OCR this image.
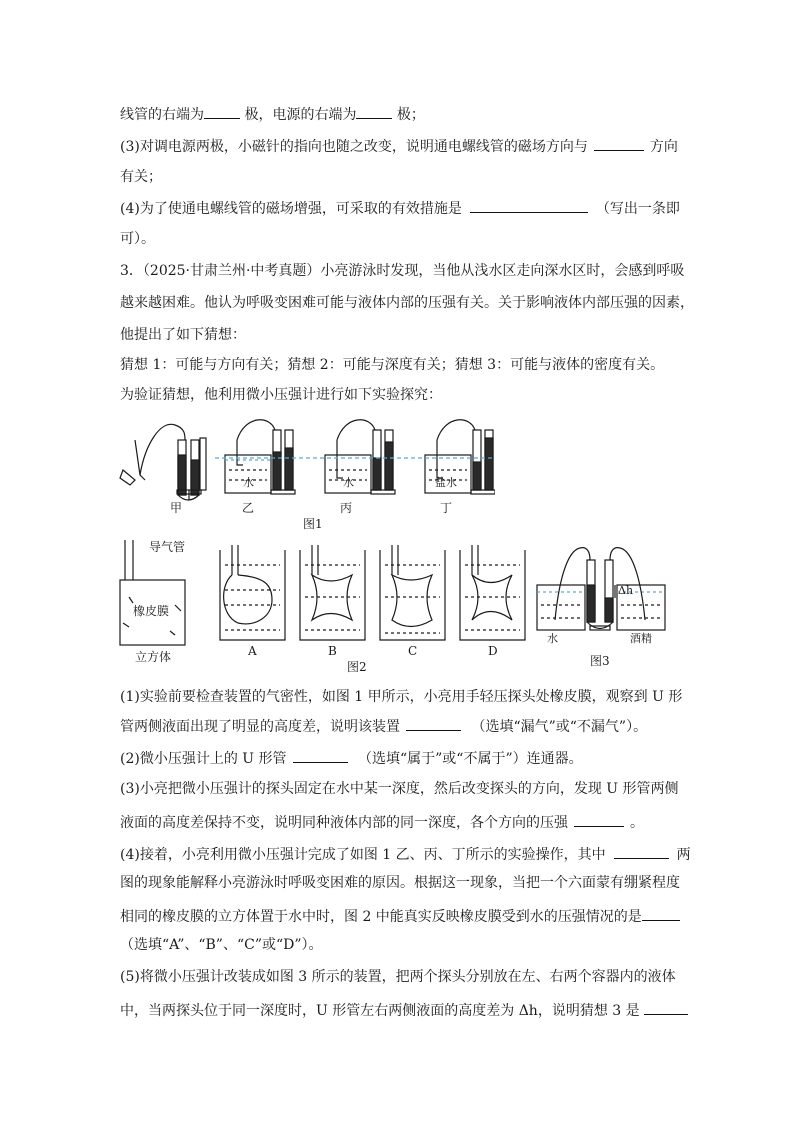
线管的右端为	极，电源的右端为	极；
(3)对调电源两极，小磁针的指向也随之改变，说明通电螺线管的磁场方向与	方向
有关；
(4)为了使通电螺线管的磁场增强，可采取的有效措施是	（写出一条即
可）。
3．（2025·甘肃兰州·中考真题）小亮游泳时发现，当他从浅水区走向深水区时，会感到呼吸
越来越困难。他认为呼吸变困难可能与液体内部的压强有关。关于影响液体内部压强的因素，
他提出了如下猜想：
猜想 1：可能与方向有关；猜想 2：可能与深度有关；猜想 3：可能与液体的密度有关。
为验证猜想，他利用微小压强计进行如下实验探究：
甲	乙	丙	丁
水	水	盐水
图1
导气管
橡皮膜
立方体	A	B	C	D
图2
Δh
水	酒精
图3
(1)实验前要检查装置的气密性，如图 1 甲所示，小亮用手轻压探头处橡皮膜，观察到 U 形
管两侧液面出现了明显的高度差，说明该装置	（选填“漏气”或“不漏气”）。
(2)微小压强计上的 U 形管	（选填“属于”或“不属于”）连通器。
(3)小亮把微小压强计的探头固定在水中某一深度，然后改变探头的方向，发现 U 形管两侧
液面的高度差保持不变，说明同种液体内部的同一深度，各个方向的压强	。
(4)接着，小亮利用微小压强计完成了如图 1 乙、丙、丁所示的实验操作，其中	两
图的现象能解释小亮游泳时呼吸变困难的原因。根据这一现象，当把一个六面蒙有绷紧程度
相同的橡皮膜的立方体置于水中时，图 2 中能真实反映橡皮膜受到水的压强情况的是
（选填“A”、“B”、“C”或“D”）。
(5)将微小压强计改装成如图 3 所示的装置，把两个探头分别放在左、右两个容器内的液体
中，当两探头位于同一深度时，U 形管左右两侧液面的高度差为 Δh，说明猜想 3 是
